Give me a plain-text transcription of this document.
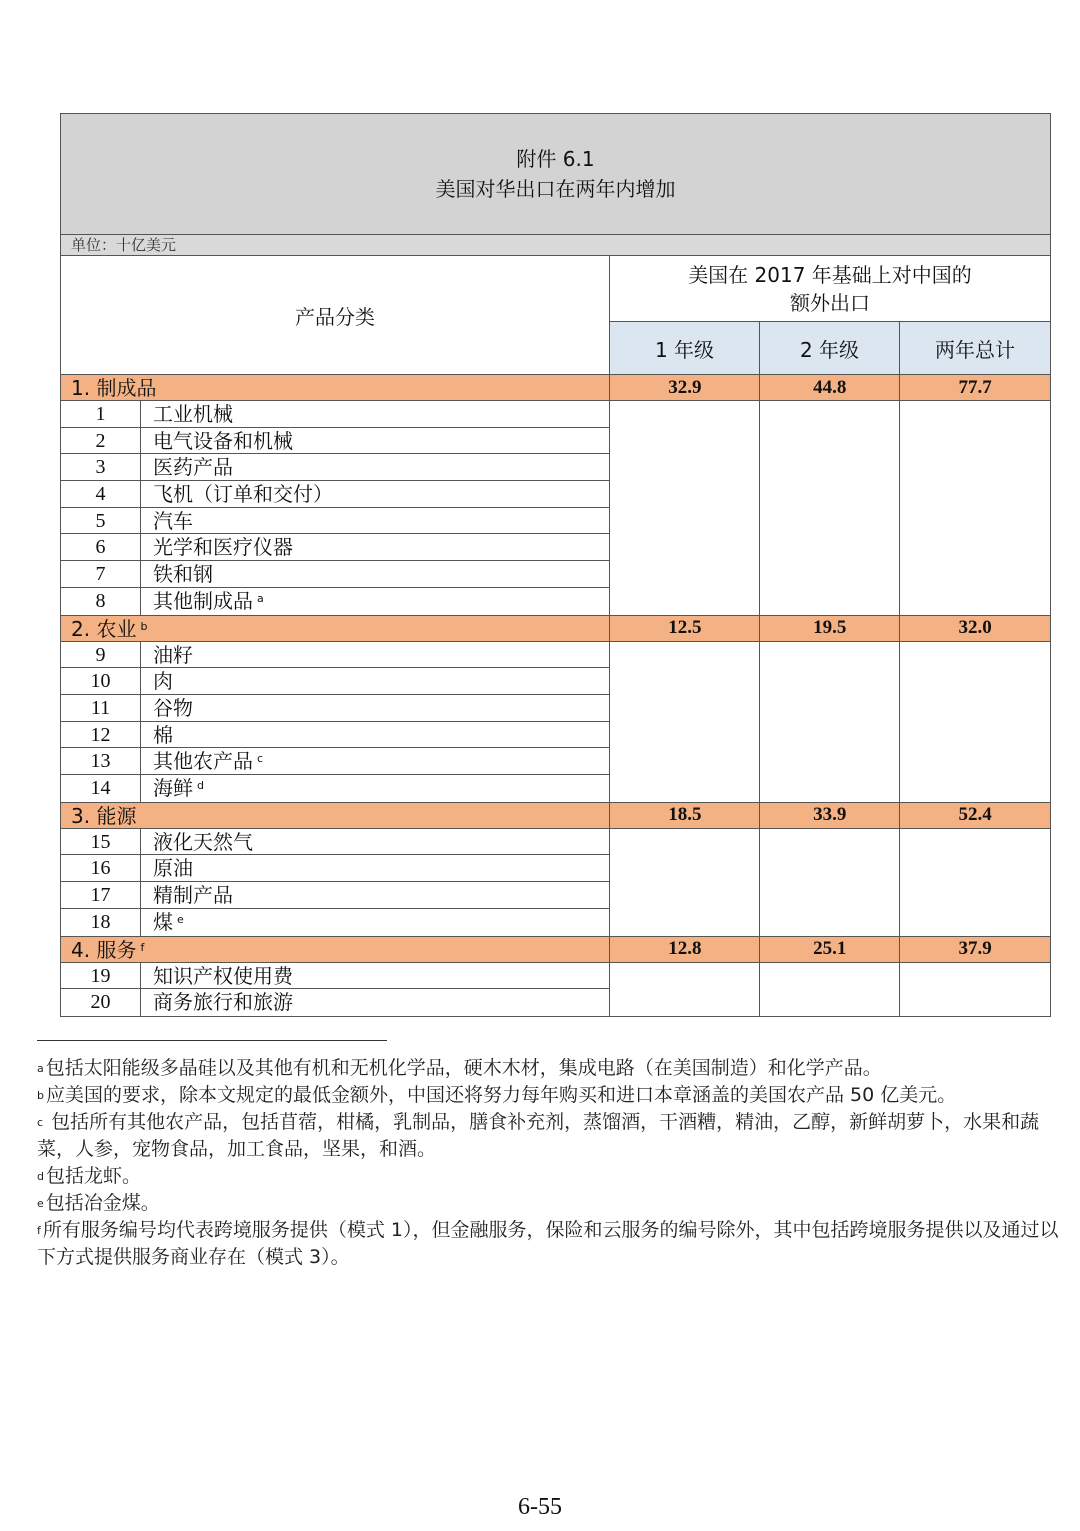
附件 6.1
美国对华出口在两年内增加
单位：十亿美元
产品分类
美国在 2017 年基础上对中国的
额外出口
1 年级	2 年级	两年总计
1. 制成品	32.9	44.8	77.7
1	工业机械
2	电气设备和机械
3	医药产品
4	飞机（订单和交付）
5	汽车
6	光学和医疗仪器
7	铁和钢
8	其他制成品 $^a$
2. 农业 $^b$	12.5	19.5	32.0
9	油籽
10	肉
11	谷物
12	棉
13	其他农产品 $^c$
14	海鲜 $^d$
3. 能源	18.5	33.9	52.4
15	液化天然气
16	原油
17	精制产品
18	煤 $^e$
4. 服务 $^f$	12.8	25.1	37.9
19	知识产权使用费
20	商务旅行和旅游

$^a$ 包括太阳能级多晶硅以及其他有机和无机化学品，硬木木材，集成电路（在美国制造）和化学产品。

$^b$ 应美国的要求，除本文规定的最低金额外，中国还将努力每年购买和进口本章涵盖的美国农产品 50 亿美元。

$^c$ 包括所有其他农产品，包括苜蓿，柑橘，乳制品，膳食补充剂，蒸馏酒，干酒糟，精油，乙醇，新鲜胡萝卜，水果和蔬菜，人参，宠物食品，加工食品，坚果，和酒。

$^d$ 包括龙虾。

$^e$ 包括冶金煤。

$^f$ 所有服务编号均代表跨境服务提供（模式 1），但金融服务，保险和云服务的编号除外，其中包括跨境服务提供以及通过以下方式提供服务商业存在（模式 3）。

6-55
